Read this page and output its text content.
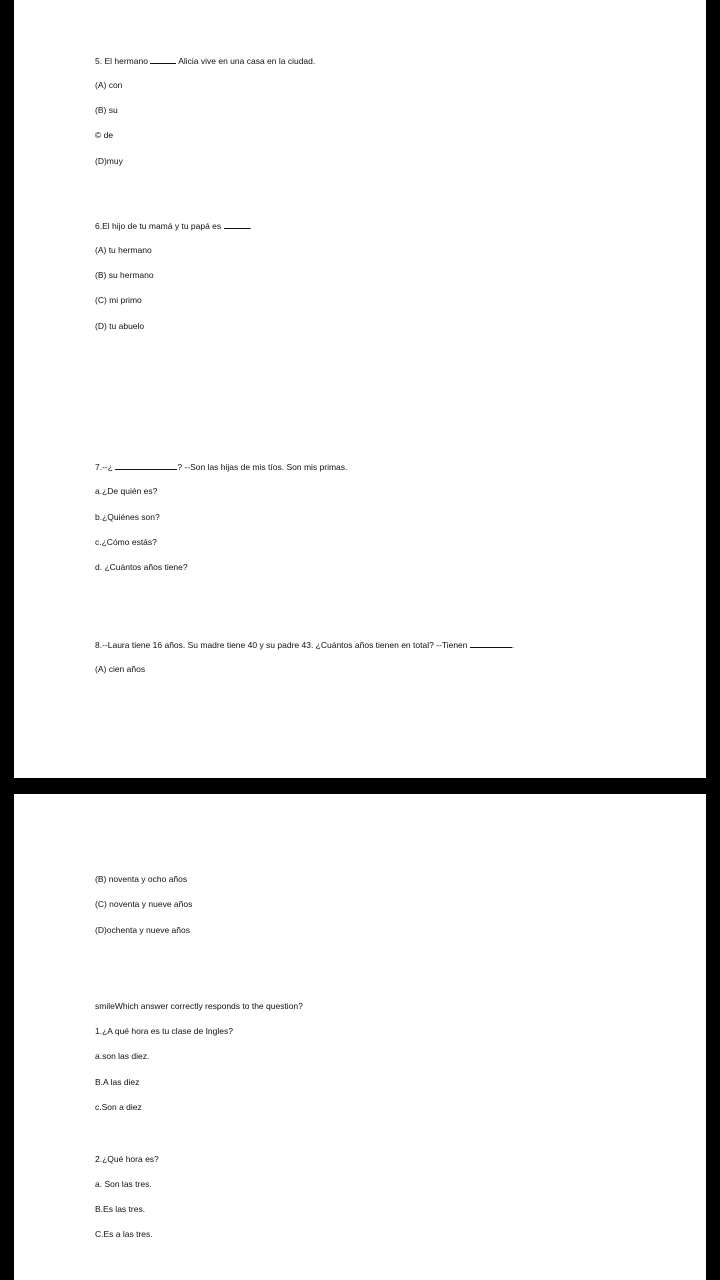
5. El hermano	Alicia vive en una casa en la ciudad.
(A) con
(B) su
© de
(D)muy
6.El hijo de tu mamá y tu papá es	.
(A) tu hermano
(B) su hermano
(C) mi primo
(D) tu abuelo
7.--¿	? --Son las hijas de mis tíos. Son mis primas.
a.¿De quién es?
b.¿Quiénes son?
c.¿Cómo estás?
d. ¿Cuántos años tiene?
8.--Laura tiene 16 años. Su madre tiene 40 y su padre 43. ¿Cuántos años tienen en total? --Tienen	.
(A) cien años
(B) noventa y ocho años
(C) noventa y nueve años
(D)ochenta y nueve años
smileWhich answer correctly responds to the question?
1.¿A qué hora es tu clase de Ingles?
a.son las diez.
B.A las diez
c.Son a diez
2.¿Qué hora es?
a. Son las tres.
B.Es las tres.
C.Es a las tres.
